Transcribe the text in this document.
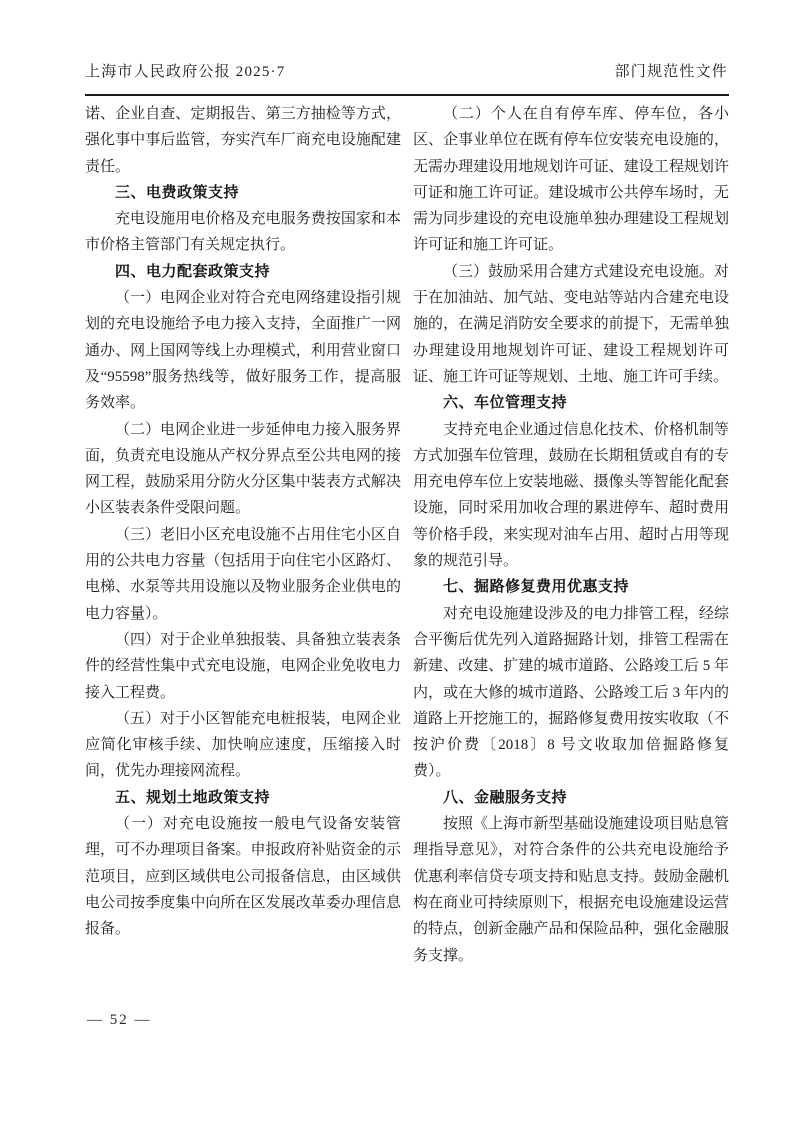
上海市人民政府公报 2025·7	部门规范性文件

诺、企业自查、定期报告、第三方抽检等方式，强化事中事后监管，夯实汽车厂商充电设施配建责任。

三、电费政策支持

充电设施用电价格及充电服务费按国家和本市价格主管部门有关规定执行。

四、电力配套政策支持

（一）电网企业对符合充电网络建设指引规划的充电设施给予电力接入支持，全面推广一网通办、网上国网等线上办理模式，利用营业窗口及“95598”服务热线等，做好服务工作，提高服务效率。

（二）电网企业进一步延伸电力接入服务界面，负责充电设施从产权分界点至公共电网的接网工程，鼓励采用分防火分区集中装表方式解决小区装表条件受限问题。

（三）老旧小区充电设施不占用住宅小区自用的公共电力容量（包括用于向住宅小区路灯、电梯、水泵等共用设施以及物业服务企业供电的电力容量）。

（四）对于企业单独报装、具备独立装表条件的经营性集中式充电设施，电网企业免收电力接入工程费。

（五）对于小区智能充电桩报装，电网企业应简化审核手续、加快响应速度，压缩接入时间，优先办理接网流程。

五、规划土地政策支持

（一）对充电设施按一般电气设备安装管理，可不办理项目备案。申报政府补贴资金的示范项目，应到区域供电公司报备信息，由区域供电公司按季度集中向所在区发展改革委办理信息报备。

（二）个人在自有停车库、停车位，各小区、企事业单位在既有停车位安装充电设施的，无需办理建设用地规划许可证、建设工程规划许可证和施工许可证。建设城市公共停车场时，无需为同步建设的充电设施单独办理建设工程规划许可证和施工许可证。

（三）鼓励采用合建方式建设充电设施。对于在加油站、加气站、变电站等站内合建充电设施的，在满足消防安全要求的前提下，无需单独办理建设用地规划许可证、建设工程规划许可证、施工许可证等规划、土地、施工许可手续。

六、车位管理支持

支持充电企业通过信息化技术、价格机制等方式加强车位管理，鼓励在长期租赁或自有的专用充电停车位上安装地磁、摄像头等智能化配套设施，同时采用加收合理的累进停车、超时费用等价格手段，来实现对油车占用、超时占用等现象的规范引导。

七、掘路修复费用优惠支持

对充电设施建设涉及的电力排管工程，经综合平衡后优先列入道路掘路计划，排管工程需在新建、改建、扩建的城市道路、公路竣工后 5 年内，或在大修的城市道路、公路竣工后 3 年内的道路上开挖施工的，掘路修复费用按实收取（不按沪价费〔2018〕8 号文收取加倍掘路修复费）。

八、金融服务支持

按照《上海市新型基础设施建设项目贴息管理指导意见》，对符合条件的公共充电设施给予优惠利率信贷专项支持和贴息支持。鼓励金融机构在商业可持续原则下，根据充电设施建设运营的特点，创新金融产品和保险品种，强化金融服务支撑。

— 52 —
